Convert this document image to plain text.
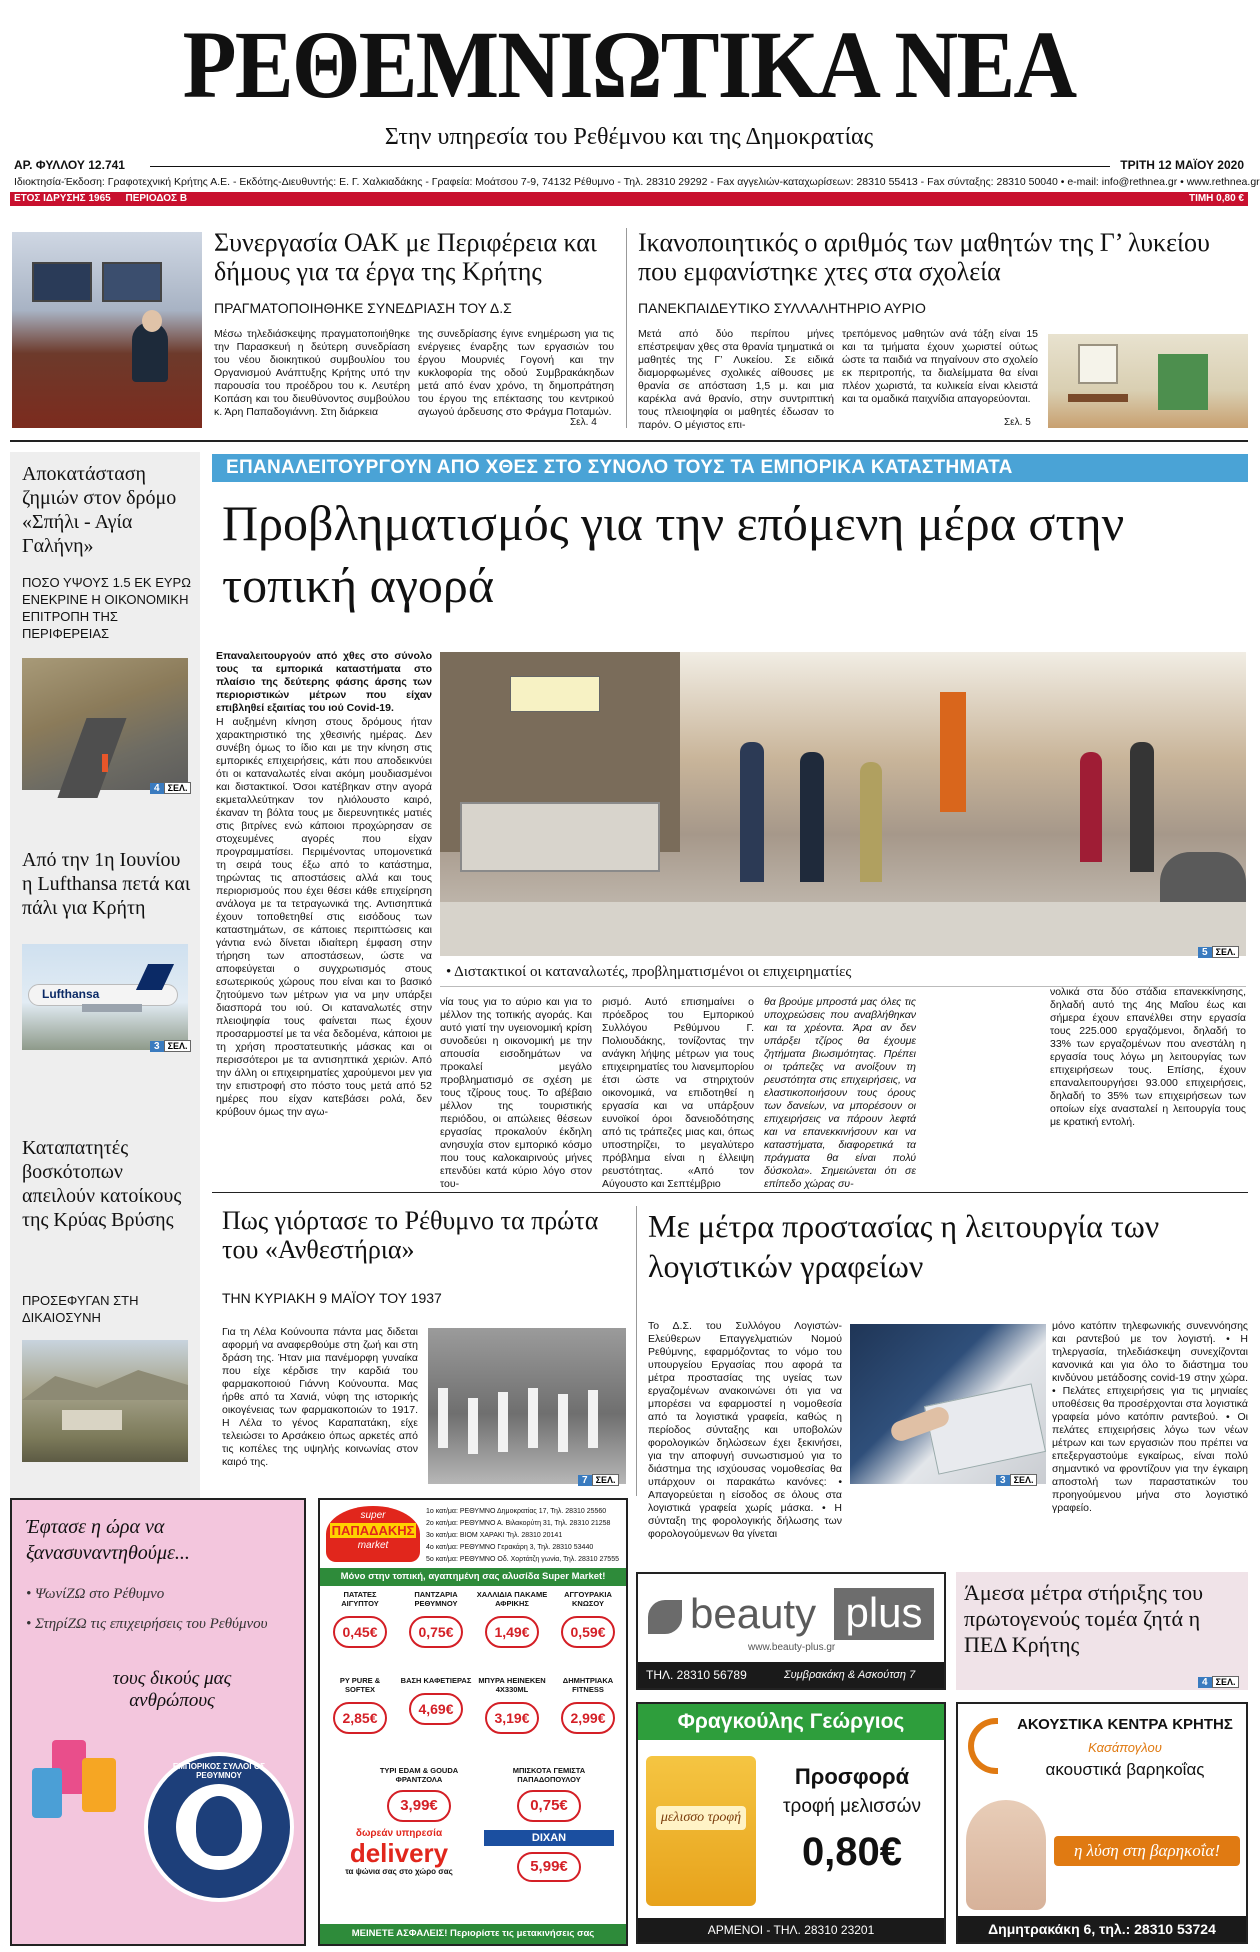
ΡΕΘΕΜΝΙΩΤΙΚΑ ΝΕΑ
Στην υπηρεσία του Ρεθέμνου και της Δημοκρατίας
ΑΡ. ΦΥΛΛΟΥ 12.741	ΤΡΙΤΗ 12 ΜΑΪΟΥ 2020
Ιδιοκτησία-Έκδοση: Γραφοτεχνική Κρήτης Α.Ε. - Εκδότης-Διευθυντής: Ε. Γ. Χαλκιαδάκης - Γραφεία: Μοάτσου 7-9, 74132 Ρέθυμνο - Τηλ. 28310 29292 - Fax αγγελιών-καταχωρίσεων: 28310 55413 - Fax σύνταξης: 28310 50040 • e-mail: info@rethnea.gr • www.rethnea.gr
ΕΤΟΣ ΙΔΡΥΣΗΣ 1965 ΠΕΡΙΟΔΟΣ Β	ΤΙΜΗ 0,80 €
Συνεργασία ΟΑΚ με Περιφέρεια και δήμους για τα έργα της Κρήτης
ΠΡΑΓΜΑΤΟΠΟΙΗΘΗΚΕ ΣΥΝΕΔΡΙΑΣΗ ΤΟΥ Δ.Σ
Μέσω τηλεδιάσκεψης πραγματοποιήθηκε την Παρασκευή η δεύτερη συνεδρίαση του νέου διοικητικού συμβουλίου του Οργανισμού Ανάπτυξης Κρήτης υπό την παρουσία του προέδρου του κ. Λευτέρη Κοπάση και του διευθύνοντος συμβούλου κ. Άρη Παπαδογιάννη. Στη διάρκεια
της συνεδρίασης έγινε ενημέρωση για τις ενέργειες έναρξης των εργασιών του έργου Μουρνιές Γογονή και την κυκλοφορία της οδού Συμβρακάκηδων μετά από έναν χρόνο, τη δημοπράτηση του έργου της επέκτασης του κεντρικού αγωγού άρδευσης στο Φράγμα Ποταμών.
Σελ. 4
Ικανοποιητικός ο αριθμός των μαθητών της Γ’ λυκείου που εμφανίστηκε χτες στα σχολεία
ΠΑΝΕΚΠΑΙΔΕΥΤΙΚΟ ΣΥΛΛΑΛΗΤΗΡΙΟ ΑΥΡΙΟ
Μετά από δύο περίπου μήνες επέστρεψαν χθες στα θρανία τμηματικά οι μαθητές της Γ’ Λυκείου. Σε ειδικά διαμορφωμένες σχολικές αίθουσες με θρανία σε απόσταση 1,5 μ. και μια καρέκλα ανά θρανίο, στην συντριπτική τους πλειοψηφία οι μαθητές έδωσαν το παρόν. Ο μέγιστος επι-
τρεπόμενος μαθητών ανά τάξη είναι 15 και τα τμήματα έχουν χωριστεί ούτως ώστε τα παιδιά να πηγαίνουν στο σχολείο εκ περιτροπής, τα διαλείμματα θα είναι πλέον χωριστά, τα κυλικεία είναι κλειστά και τα ομαδικά παιχνίδια απαγορεύονται.
Σελ. 5
Αποκατάσταση ζημιών στον δρόμο «Σπήλι - Αγία Γαλήνη»
ΠΟΣΟ ΥΨΟΥΣ 1.5 ΕΚ ΕΥΡΩ ΕΝΕΚΡΙΝΕ Η ΟΙΚΟΝΟΜΙΚΗ ΕΠΙΤΡΟΠΗ ΤΗΣ ΠΕΡΙΦΕΡΕΙΑΣ
4 ΣΕΛ.
Από την 1η Ιουνίου η Lufthansa πετά και πάλι για Κρήτη
Lufthansa
3 ΣΕΛ.
Καταπατητές βοσκότοπων απειλούν κατοίκους της Κρύας Βρύσης
ΠΡΟΣΕΦΥΓΑΝ ΣΤΗ ΔΙΚΑΙΟΣΥΝΗ
ΕΠΑΝΑΛΕΙΤΟΥΡΓΟΥΝ ΑΠΟ ΧΘΕΣ ΣΤΟ ΣΥΝΟΛΟ ΤΟΥΣ ΤΑ ΕΜΠΟΡΙΚΑ ΚΑΤΑΣΤΗΜΑΤΑ
Προβληματισμός για την επόμενη μέρα στην τοπική αγορά
Επαναλειτουργούν από χθες στο σύνολο τους τα εμπορικά καταστήματα στο πλαίσιο της δεύτερης φάσης άρσης των περιοριστικών μέτρων που είχαν επιβληθεί εξαιτίας του ιού Covid-19.
Η αυξημένη κίνηση στους δρόμους ήταν χαρακτηριστικό της χθεσινής ημέρας. Δεν συνέβη όμως το ίδιο και με την κίνηση στις εμπορικές επιχειρήσεις, κάτι που αποδεικνύει ότι οι καταναλωτές είναι ακόμη μουδιασμένοι και διστακτικοί. Όσοι κατέβηκαν στην αγορά εκμεταλλεύτηκαν τον ηλιόλουστο καιρό, έκαναν τη βόλτα τους με διερευνητικές ματιές στις βιτρίνες ενώ κάποιοι προχώρησαν σε στοχευμένες αγορές που είχαν προγραμματίσει. Περιμένοντας υπομονετικά τη σειρά τους έξω από το κατάστημα, τηρώντας τις αποστάσεις αλλά και τους περιορισμούς που έχει θέσει κάθε επιχείρηση ανάλογα με τα τετραγωνικά της. Αντισηπτικά έχουν τοποθετηθεί στις εισόδους των καταστημάτων, σε κάποιες περιπτώσεις και γάντια ενώ δίνεται ιδιαίτερη έμφαση στην τήρηση των αποστάσεων, ώστε να αποφεύγεται ο συγχρωτισμός στους εσωτερικούς χώρους που είναι και το βασικό ζητούμενο των μέτρων για να μην υπάρξει διασπορά του ιού. Οι καταναλωτές στην πλειοψηφία τους φαίνεται πως έχουν προσαρμοστεί με τα νέα δεδομένα, κάποιοι με τη χρήση προστατευτικής μάσκας και οι περισσότεροι με τα αντισηπτικά χεριών. Από την άλλη οι επιχειρηματίες χαρούμενοι μεν για την επιστροφή στο πόστο τους μετά από 52 ημέρες που είχαν κατεβάσει ρολά, δεν κρύβουν όμως την αγω-
5 ΣΕΛ.
• Διστακτικοί οι καταναλωτές, προβληματισμένοι οι επιχειρηματίες
νία τους για το αύριο και για το μέλλον της τοπικής αγοράς. Και αυτό γιατί την υγειονομική κρίση συνοδεύει η οικονομική με την απουσία εισοδημάτων να προκαλεί μεγάλο προβληματισμό σε σχέση με τους τζίρους τους. Το αβέβαιο μέλλον της τουριστικής περιόδου, οι απώλειες θέσεων εργασίας προκαλούν έκδηλη ανησυχία στον εμπορικό κόσμο που τους καλοκαιρινούς μήνες επενδύει κατά κύριο λόγο στον του-
ρισμό. Αυτό επισημαίνει ο πρόεδρος του Εμπορικού Συλλόγου Ρεθύμνου Γ. Πολιουδάκης, τονίζοντας την ανάγκη λήψης μέτρων για τους επιχειρηματίες του λιανεμπορίου έτσι ώστε να στηριχτούν οικονομικά, να επιδοτηθεί η εργασία και να υπάρξουν ευνοϊκοί όροι δανειοδότησης από τις τράπεζες μιας και, όπως υποστηρίζει, το μεγαλύτερο πρόβλημα είναι η έλλειψη ρευστότητας. «Από τον Αύγουστο και Σεπτέμβριο
θα βρούμε μπροστά μας όλες τις υποχρεώσεις που αναβλήθηκαν και τα χρέοντα. Άρα αν δεν υπάρξει τζίρος θα έχουμε ζητήματα βιωσιμότητας. Πρέπει οι τράπεζες να ανοίξουν τη ρευστότητα στις επιχειρήσεις, να ελαστικοποιήσουν τους όρους των δανείων, να μπορέσουν οι επιχειρήσεις να πάρουν λεφτά και να επανεκκινήσουν και να καταστήματα, διαφορετικά τα πράγματα θα είναι πολύ δύσκολα». Σημειώνεται ότι σε επίπεδο χώρας συ-
νολικά στα δύο στάδια επανεκκίνησης, δηλαδή αυτό της 4ης Μαΐου έως και σήμερα έχουν επανέλθει στην εργασία τους 225.000 εργαζόμενοι, δηλαδή το 33% των εργαζομένων που ανεστάλη η εργασία τους λόγω μη λειτουργίας των επιχειρήσεων τους. Επίσης, έχουν επαναλειτουργήσει 93.000 επιχειρήσεις, δηλαδή το 35% των επιχειρήσεων των οποίων είχε ανασταλεί η λειτουργία τους με κρατική εντολή.
Πως γιόρτασε το Ρέθυμνο τα πρώτα του «Ανθεστήρια»
ΤΗΝ ΚΥΡΙΑΚΗ 9 ΜΑΪΟΥ ΤΟΥ 1937
Για τη Λέλα Κούνουπα πάντα μας διδεται αφορμή να αναφερθούμε στη ζωή και στη δράση της. Ήταν μια πανέμορφη γυναίκα που είχε κέρδισε την καρδιά του φαρμακοποιού Γιάννη Κούνουπα. Μας ήρθε από τα Χανιά, νύφη της ιστορικής οικογένειας των φαρμακοποιών το 1917. Η Λέλα το γένος Καραπατάκη, είχε τελειώσει το Αρσάκειο όπως αρκετές από τις κοπέλες της υψηλής κοινωνίας στον καιρό της.
7 ΣΕΛ.
Με μέτρα προστασίας η λειτουργία των λογιστικών γραφείων
Το Δ.Σ. του Συλλόγου Λογιστών-Ελεύθερων Επαγγελματιών Νομού Ρεθύμνης, εφαρμόζοντας το νόμο του υπουργείου Εργασίας που αφορά τα μέτρα προστασίας της υγείας των εργαζομένων ανακοινώνει ότι για να μπορέσει να εφαρμοστεί η νομοθεσία από τα λογιστικά γραφεία, καθώς η περίοδος σύνταξης και υποβολών φορολογικών δηλώσεων έχει ξεκινήσει, για την αποφυγή συνωστισμού για το διάστημα της ισχύουσας νομοθεσίας θα υπάρχουν οι παρακάτω κανόνες: • Απαγορεύεται η είσοδος σε όλους στα λογιστικά γραφεία χωρίς μάσκα. • Η σύνταξη της φορολογικής δήλωσης των φορολογούμενων θα γίνεται
3 ΣΕΛ.
μόνο κατόπιν τηλεφωνικής συνεννόησης και ραντεβού με τον λογιστή. • Η τηλεργασία, τηλεδιάσκεψη συνεχίζονται κανονικά και για όλο το διάστημα του κινδύνου μετάδοσης covid-19 στην χώρα. • Πελάτες επιχειρήσεις για τις μηνιαίες υποθέσεις θα προσέρχονται στα λογιστικά γραφεία μόνο κατόπιν ραντεβού. • Οι πελάτες επιχειρήσεις λόγω των νέων μέτρων και των εργασιών που πρέπει να επεξεργαστούμε εγκαίρως, είναι πολύ σημαντικό να φροντίζουν για την έγκαιρη αποστολή των παραστατικών του προηγούμενου μήνα στο λογιστικό γραφείο.
Έφτασε η ώρα να ξανασυναντηθούμε...
• ΨωνίΖΩ στο Ρέθυμνο
• ΣτηρίΖΩ τις επιχειρήσεις του Ρεθύμνου
τους δικούς μας ανθρώπους
ΕΜΠΟΡΙΚΟΣ ΣΥΛΛΟΓΟΣ ΡΕΘΥΜΝΟΥ
super
ΠΑΠΑΔΑΚΗΣ
market
1o κατ/μα: ΡΕΘΥΜΝΟ Δημοκρατίας 17, Τηλ. 28310 25560
2o κατ/μα: ΡΕΘΥΜΝΟ Α. Βιλακορύτη 31, Τηλ. 28310 21258
3o κατ/μα: ΒΙΟΜ ΧΑΡΑΚΙ Τηλ. 28310 20141
4o κατ/μα: ΡΕΘΥΜΝΟ Γερακάρη 3, Τηλ. 28310 53440
5o κατ/μα: ΡΕΘΥΜΝΟ Οδ. Χορτάτζη γωνία, Τηλ. 28310 27555
Μόνο στην τοπική, αγαπημένη σας αλυσίδα Super Market!
ΠΑΤΑΤΕΣ ΑΙΓΥΠΤΟΥ
0,45€
ΠΑΝΤΖΑΡΙΑ ΡΕΘΥΜΝΟΥ
0,75€
ΧΑΛΛΙΔΙΑ ΠΑΚΑΜΕ ΑΦΡΙΚΗΣ
1,49€
ΑΓΓΟΥΡΑΚΙΑ ΚΝΩΣΟΥ
0,59€
PY PURE & SOFTEX
2,85€
ΒΑΣΗ ΚΑΦΕΤΙΕΡΑΣ
4,69€
ΜΠΥΡΑ HEINEKEN 4X330ML
3,19€
ΔΗΜΗΤΡΙΑΚΑ FITNESS
2,99€
ΤΥΡΙ EDAM & GOUDA ΦΡΑΝΤΖΟΛΑ
3,99€
ΜΠΙΣΚΟΤΑ ΓΕΜΙΣΤΑ ΠΑΠΑΔΟΠΟΥΛΟΥ
0,75€
δωρεάν υπηρεσία
delivery
τα ψώνια σας στο χώρο σας
DIXAN
5,99€
ΜΕΙΝΕΤΕ ΑΣΦΑΛΕΙΣ! Περιορίστε τις μετακινήσεις σας
beauty plus
www.beauty-plus.gr
ΤΗΛ. 28310 56789	Συμβρακάκη & Ασκούτση 7
Άμεσα μέτρα στήριξης του πρωτογενούς τομέα ζητά η ΠΕΔ Κρήτης
4 ΣΕΛ.
Φραγκούλης Γεώργιος
μελισσο τροφή
Προσφορά
τροφή μελισσών
0,80€
ΑΡΜΕΝΟΙ - ΤΗΛ. 28310 23201
ΑΚΟΥΣΤΙΚΑ ΚΕΝΤΡΑ ΚΡΗΤΗΣ
Κασάπογλου
ακουστικά βαρηκοΐας
η λύση στη βαρηκοΐα!
Δημητρακάκη 6, τηλ.: 28310 53724
